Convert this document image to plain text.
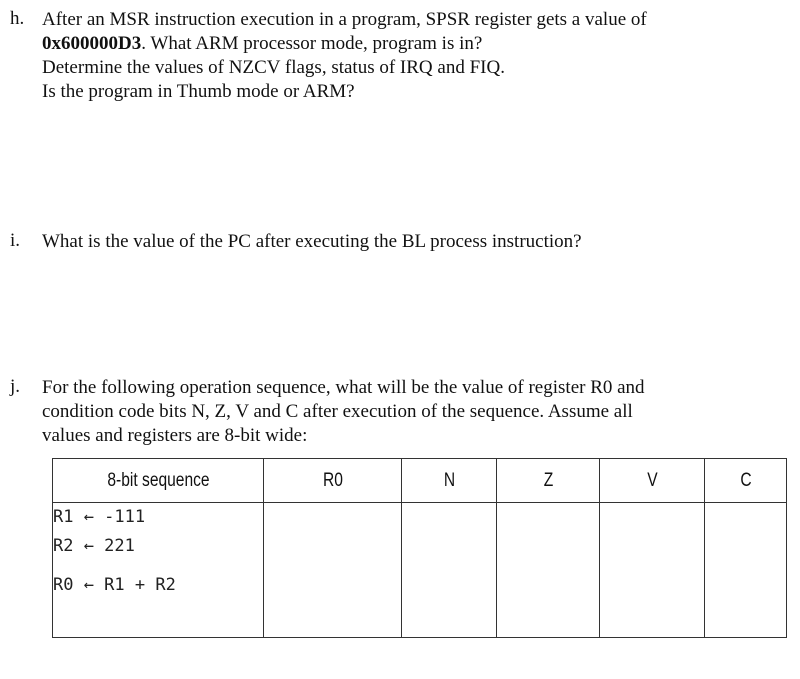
h. After an MSR instruction execution in a program, SPSR register gets a value of
0x600000D3. What ARM processor mode, program is in?
Determine the values of NZCV flags, status of IRQ and FIQ.
Is the program in Thumb mode or ARM?
i. What is the value of the PC after executing the BL process instruction?
j. For the following operation sequence, what will be the value of register R0 and
condition code bits N, Z, V and C after execution of the sequence. Assume all
values and registers are 8-bit wide:
8-bit sequence	R0	N	Z	V	C

R1 ← -111
R2 ← 221
R0 ← R1 + R2					
